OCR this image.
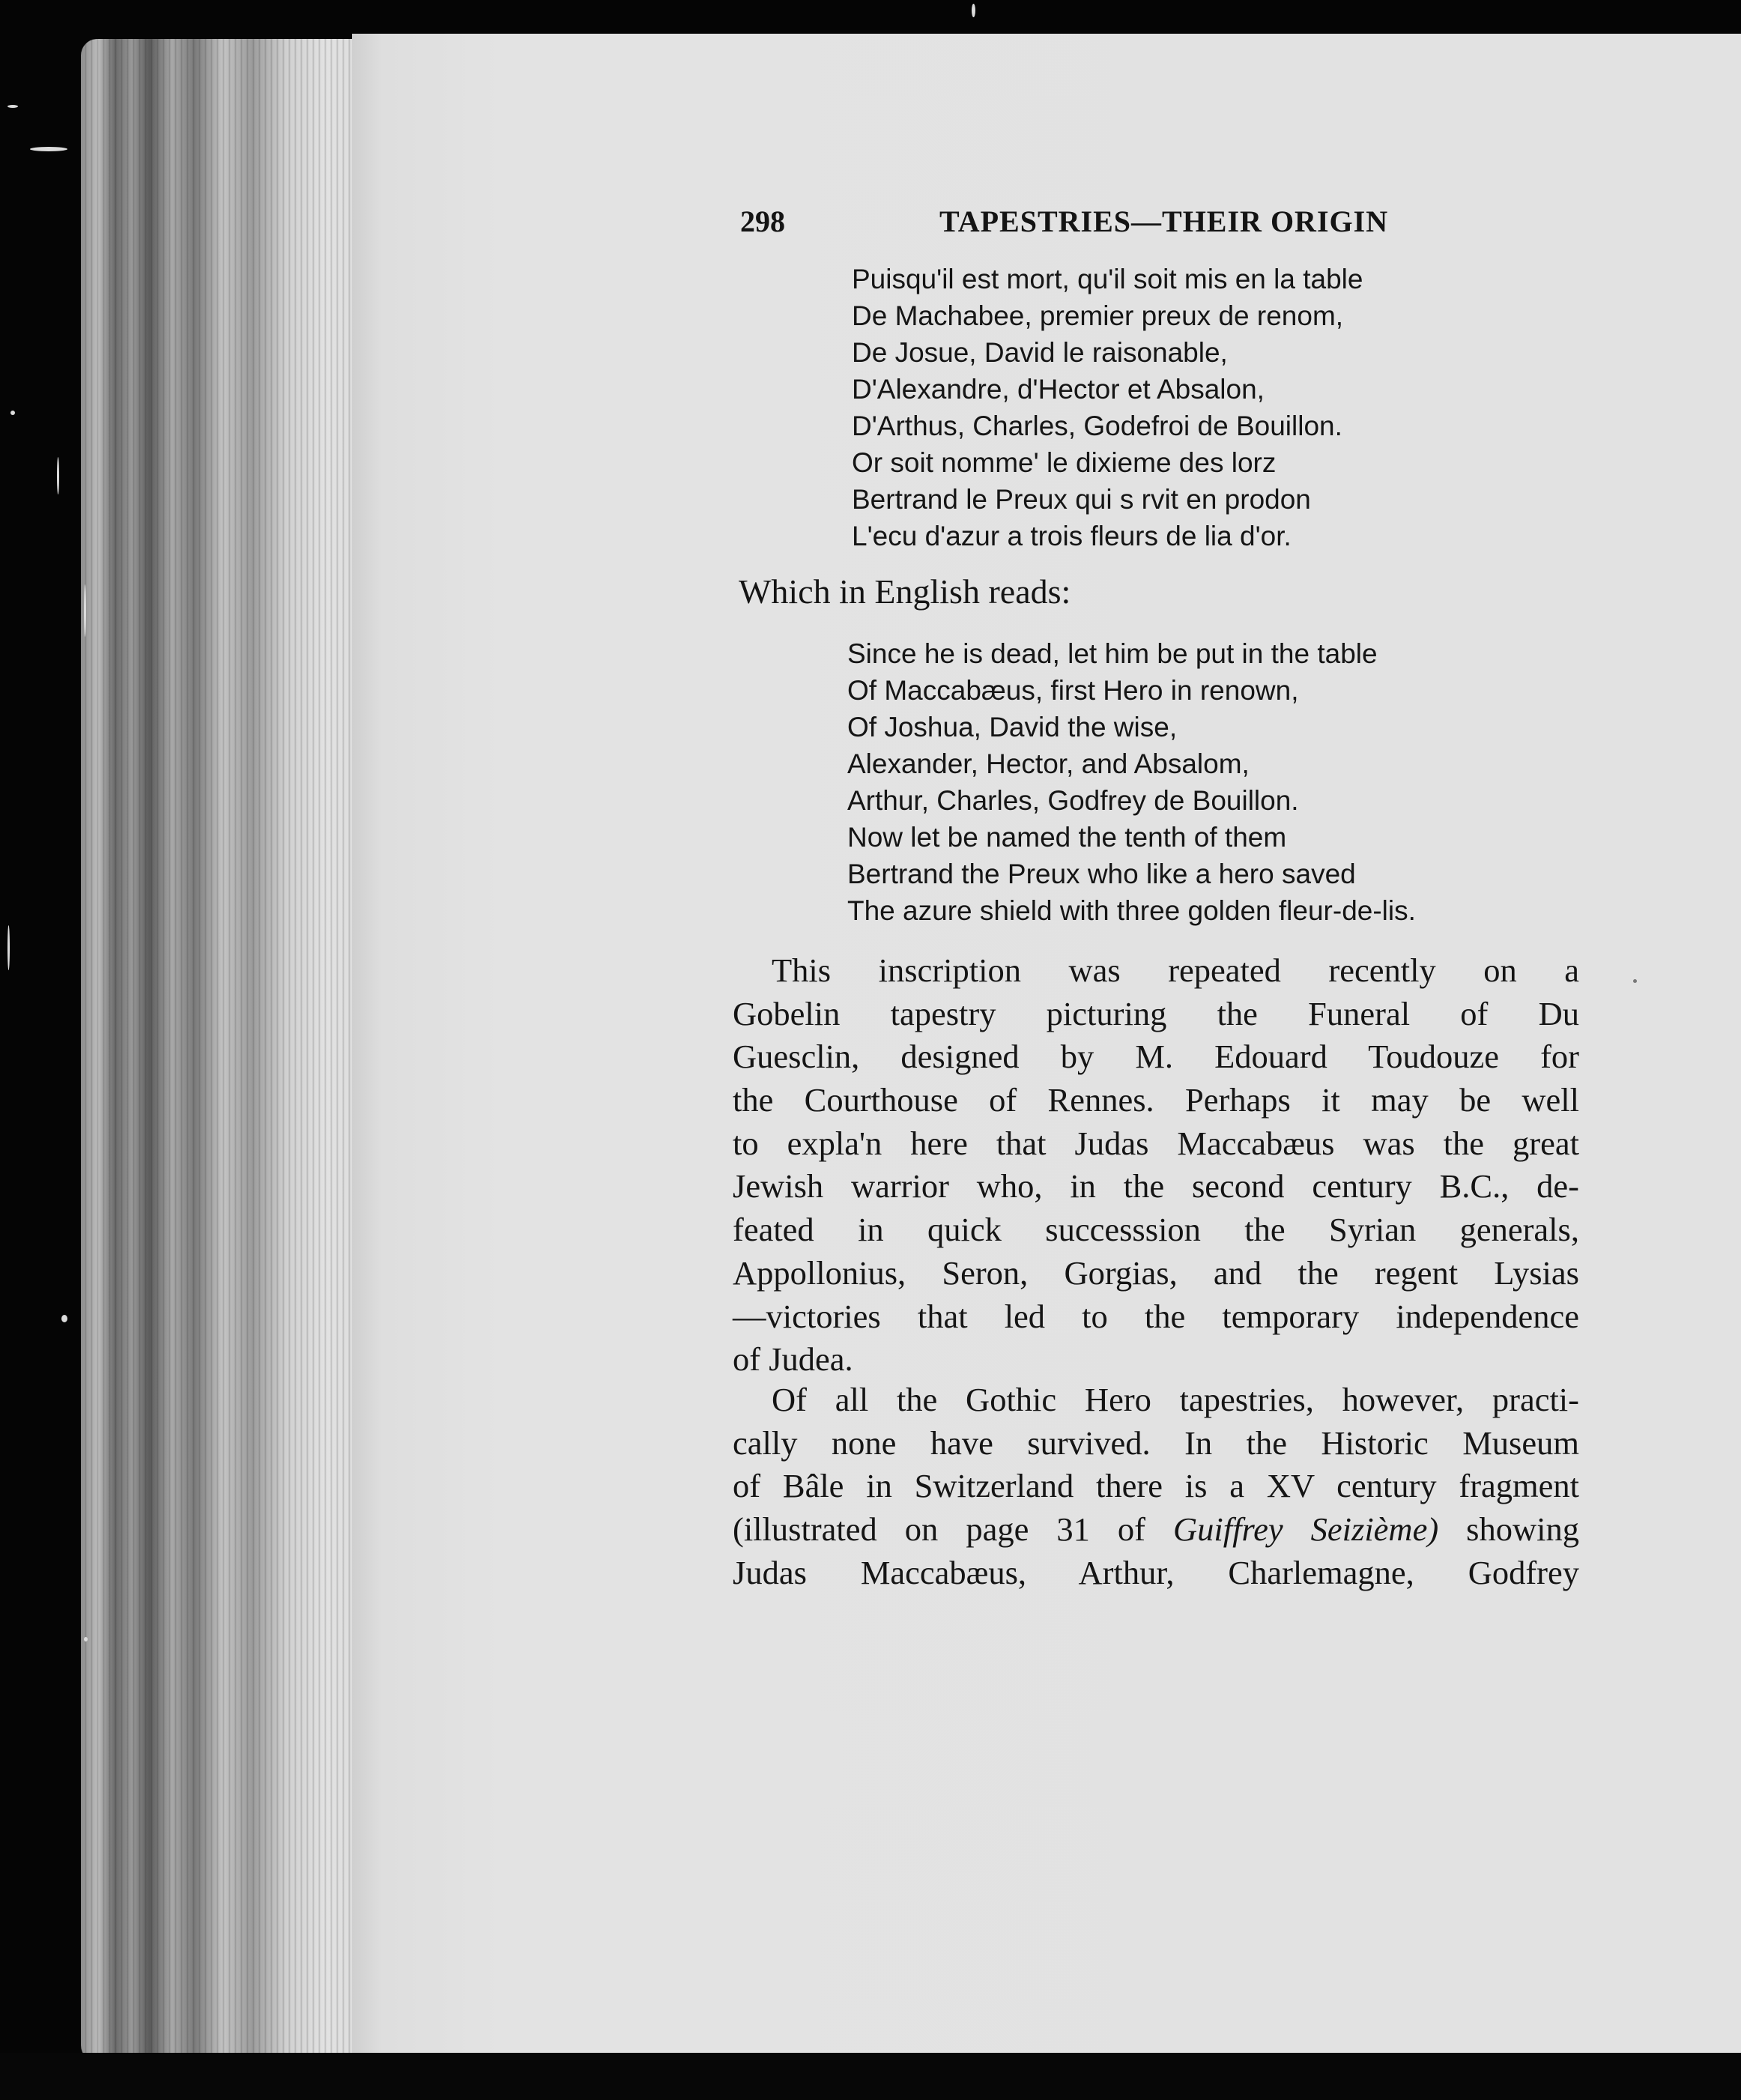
298	TAPESTRIES—THEIR ORIGIN
Puisqu'il est mort, qu'il soit mis en la table
De Machabee, premier preux de renom,
De Josue, David le raisonable,
D'Alexandre, d'Hector et Absalon,
D'Arthus, Charles, Godefroi de Bouillon.
Or soit nomme' le dixieme des lorz
Bertrand le Preux qui s rvit en prodon
L'ecu d'azur a trois fleurs de lia d'or.
Which in English reads:
Since he is dead, let him be put in the table
Of Maccabæus, first Hero in renown,
Of Joshua, David the wise,
Alexander, Hector, and Absalom,
Arthur, Charles, Godfrey de Bouillon.
Now let be named the tenth of them
Bertrand the Preux who like a hero saved
The azure shield with three golden fleur-de-lis.
This inscription was repeated recently on a
Gobelin tapestry picturing the Funeral of Du
Guesclin, designed by M. Edouard Toudouze for
the Courthouse of Rennes. Perhaps it may be well
to expla'n here that Judas Maccabæus was the great
Jewish warrior who, in the second century B.C., de-
feated in quick successsion the Syrian generals,
Appollonius, Seron, Gorgias, and the regent Lysias
—victories that led to the temporary independence
of Judea.
Of all the Gothic Hero tapestries, however, practi-
cally none have survived. In the Historic Museum
of Bâle in Switzerland there is a XV century fragment
(illustrated on page 31 of Guiffrey Seizième) showing
Judas Maccabæus, Arthur, Charlemagne, Godfrey
